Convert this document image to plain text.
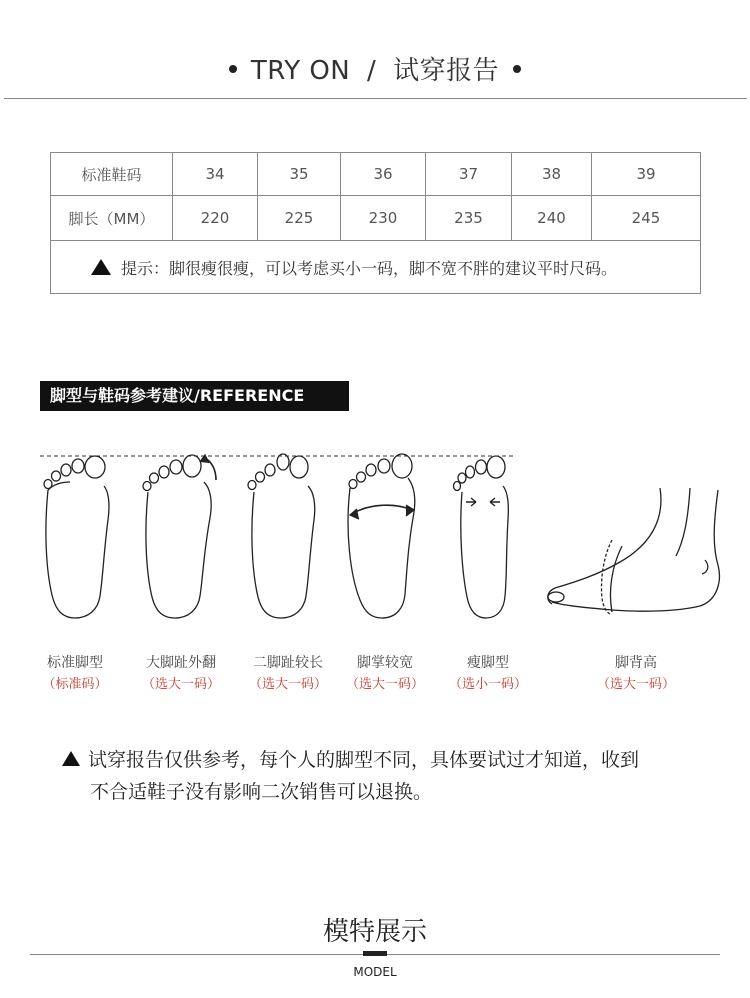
TRY ON / 试穿报告
标准鞋码	34	35	36	37	38	39
脚长（MM）	220	225	230	235	240	245
提示：脚很瘦很瘦，可以考虑买小一码，脚不宽不胖的建议平时尺码。						
脚型与鞋码参考建议/REFERENCE
标准脚型
（标准码）
大脚趾外翻
（选大一码）
二脚趾较长
（选大一码）
脚掌较宽
（选大一码）
瘦脚型
（选小一码）
脚背高
（选大一码）
试穿报告仅供参考，每个人的脚型不同，具体要试过才知道，收到
不合适鞋子没有影响二次销售可以退换。
模特展示
MODEL
